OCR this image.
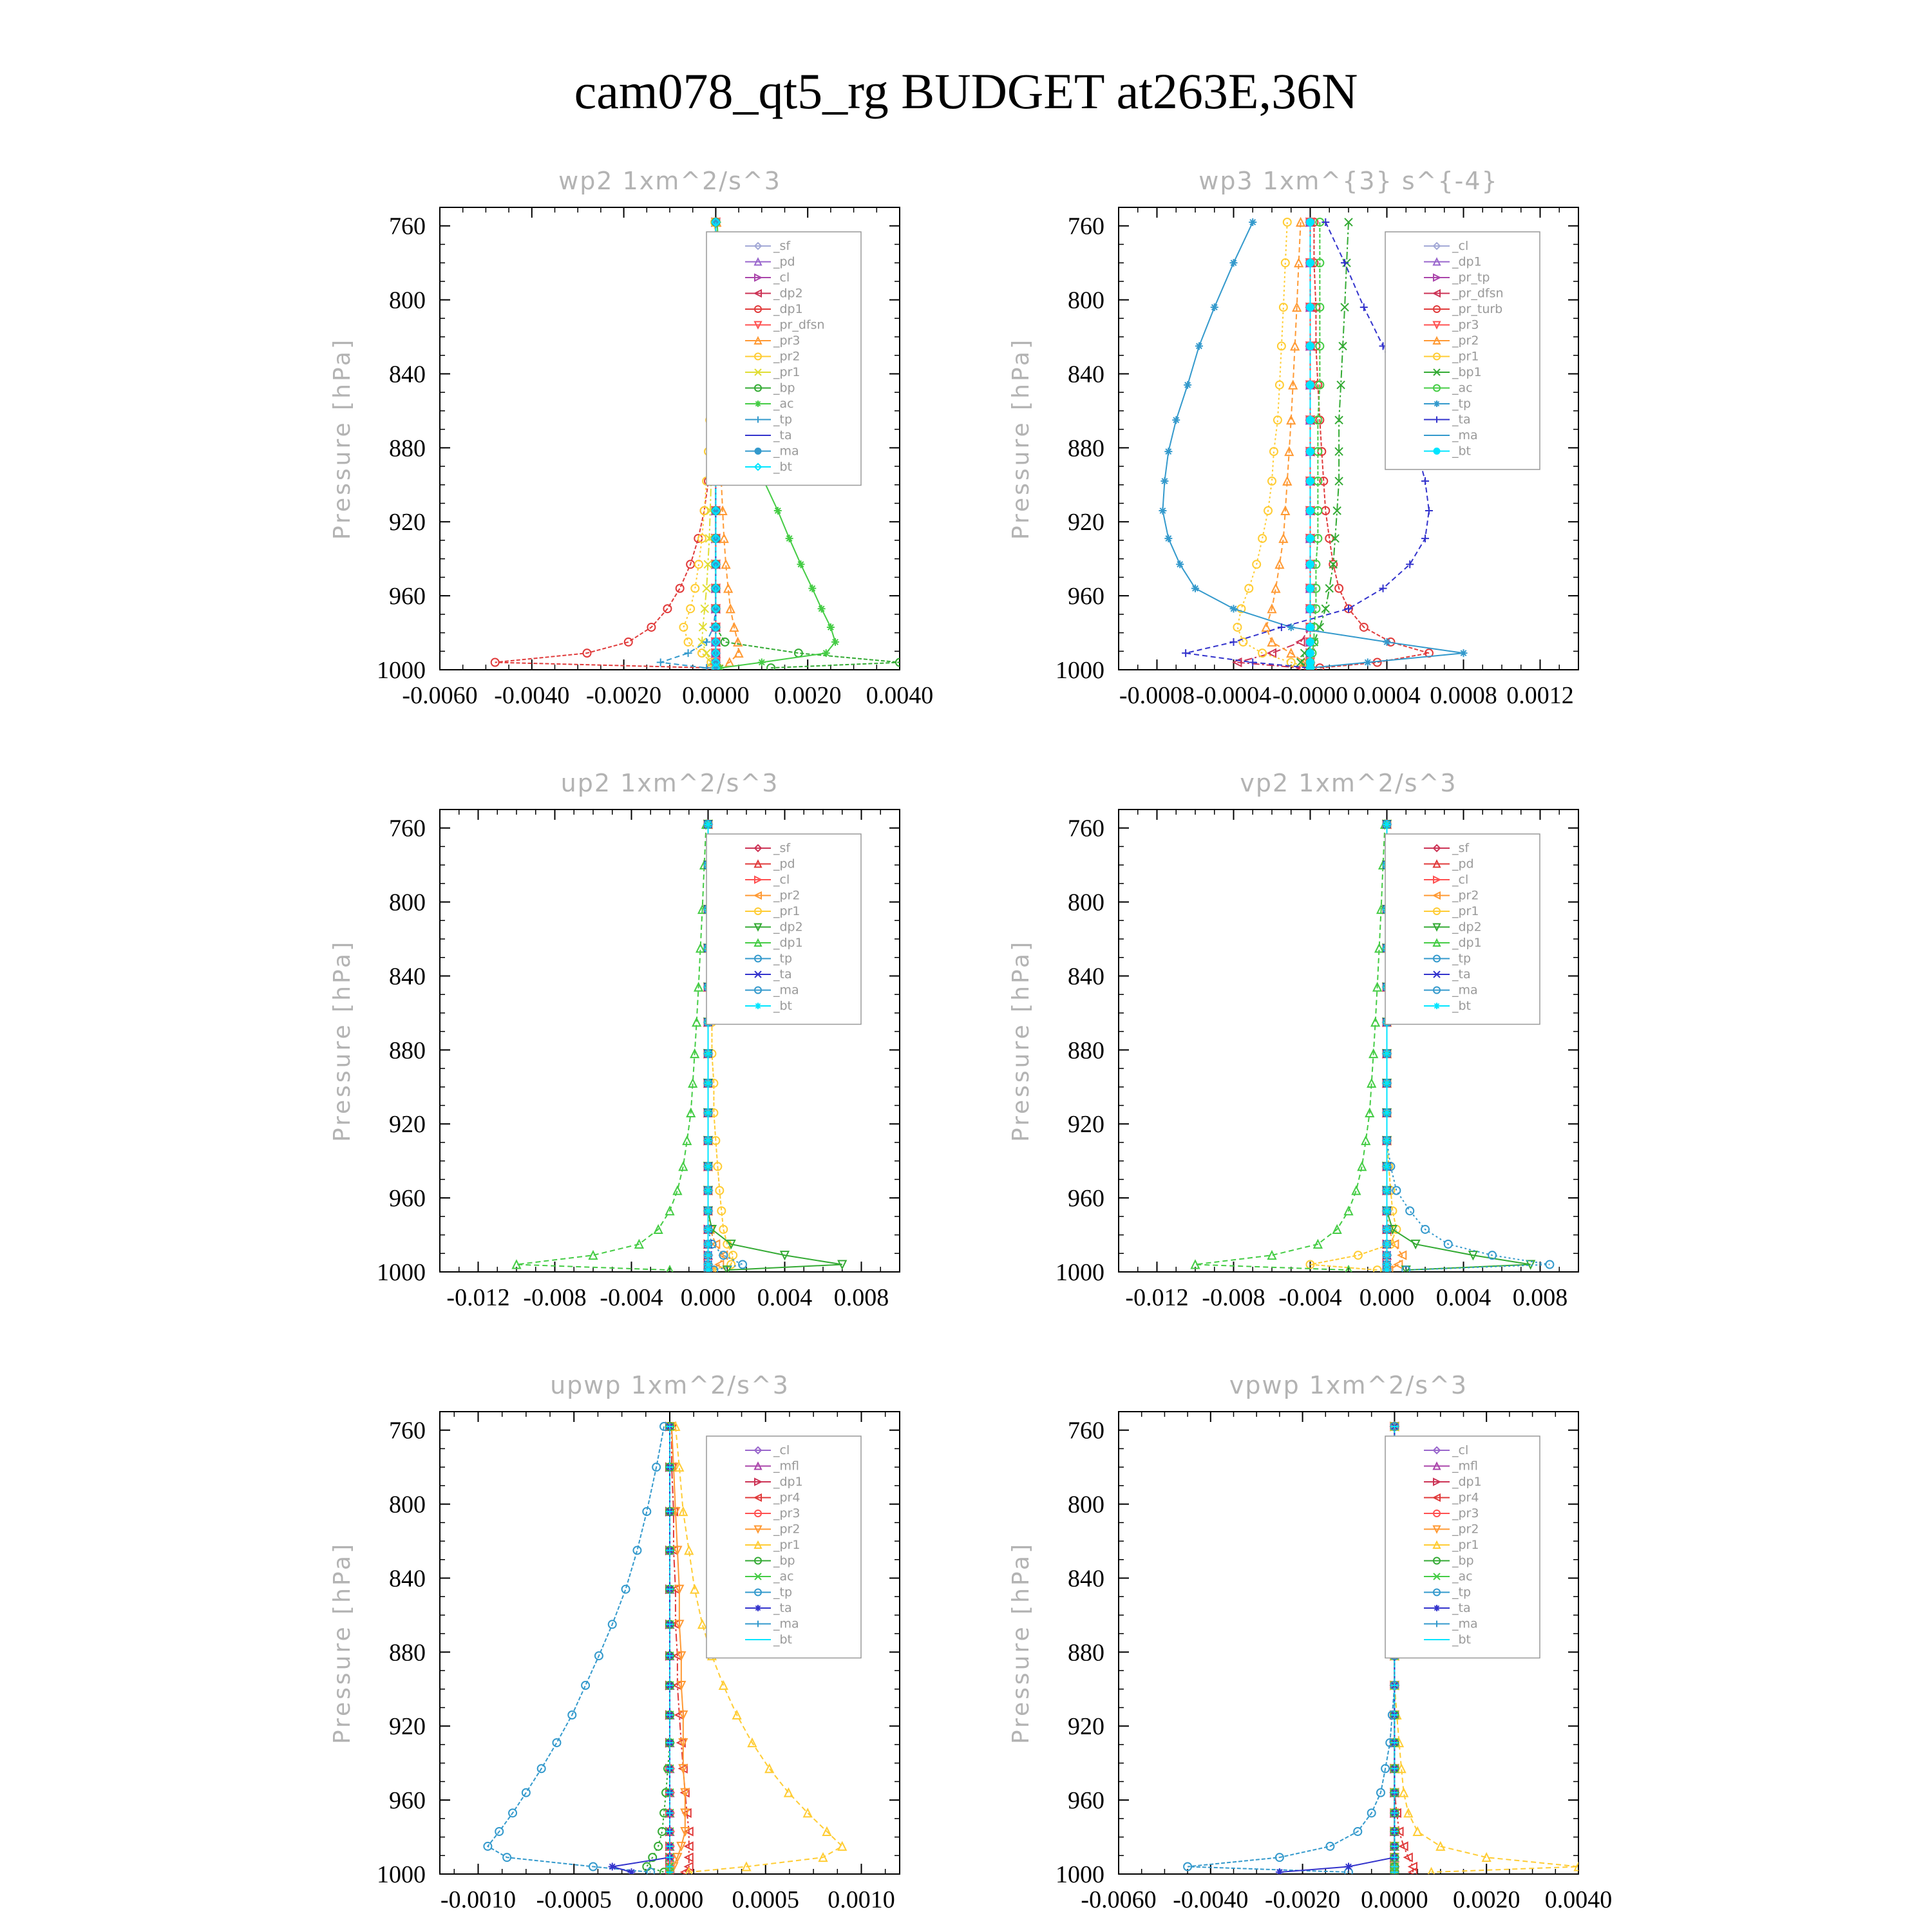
cam078_qt5_rg BUDGET at263E,36N
wp2 1xm^2/s^3
Pressure [hPa]
760
800
840
880
920
960
1000
-0.0060 -0.0040 -0.0020 0.0000 0.0020 0.0040
_sf
_pd
_cl
_dp2
_dp1
_pr_dfsn
_pr3
_pr2
_pr1
_bp
_ac
_tp
_ta
_ma
_bt
wp3 1xm^{3} s^{-4}
Pressure [hPa]
760
800
840
880
920
960
1000
-0.0008 -0.0004 -0.0000 0.0004 0.0008 0.0012
_cl
_dp1
_pr_tp
_pr_dfsn
_pr_turb
_pr3
_pr2
_pr1
_bp1
_ac
_tp
_ta
_ma
_bt
up2 1xm^2/s^3
Pressure [hPa]
760
800
840
880
920
960
1000
-0.012 -0.008 -0.004 0.000 0.004 0.008
_sf
_pd
_cl
_pr2
_pr1
_dp2
_dp1
_tp
_ta
_ma
_bt
vp2 1xm^2/s^3
Pressure [hPa]
760
800
840
880
920
960
1000
-0.012 -0.008 -0.004 0.000 0.004 0.008
_sf
_pd
_cl
_pr2
_pr1
_dp2
_dp1
_tp
_ta
_ma
_bt
upwp 1xm^2/s^3
Pressure [hPa]
760
800
840
880
920
960
1000
-0.0010 -0.0005 0.0000 0.0005 0.0010
_cl
_mfl
_dp1
_pr4
_pr3
_pr2
_pr1
_bp
_ac
_tp
_ta
_ma
_bt
vpwp 1xm^2/s^3
Pressure [hPa]
760
800
840
880
920
960
1000
-0.0060 -0.0040 -0.0020 0.0000 0.0020 0.0040
_cl
_mfl
_dp1
_pr4
_pr3
_pr2
_pr1
_bp
_ac
_tp
_ta
_ma
_bt
